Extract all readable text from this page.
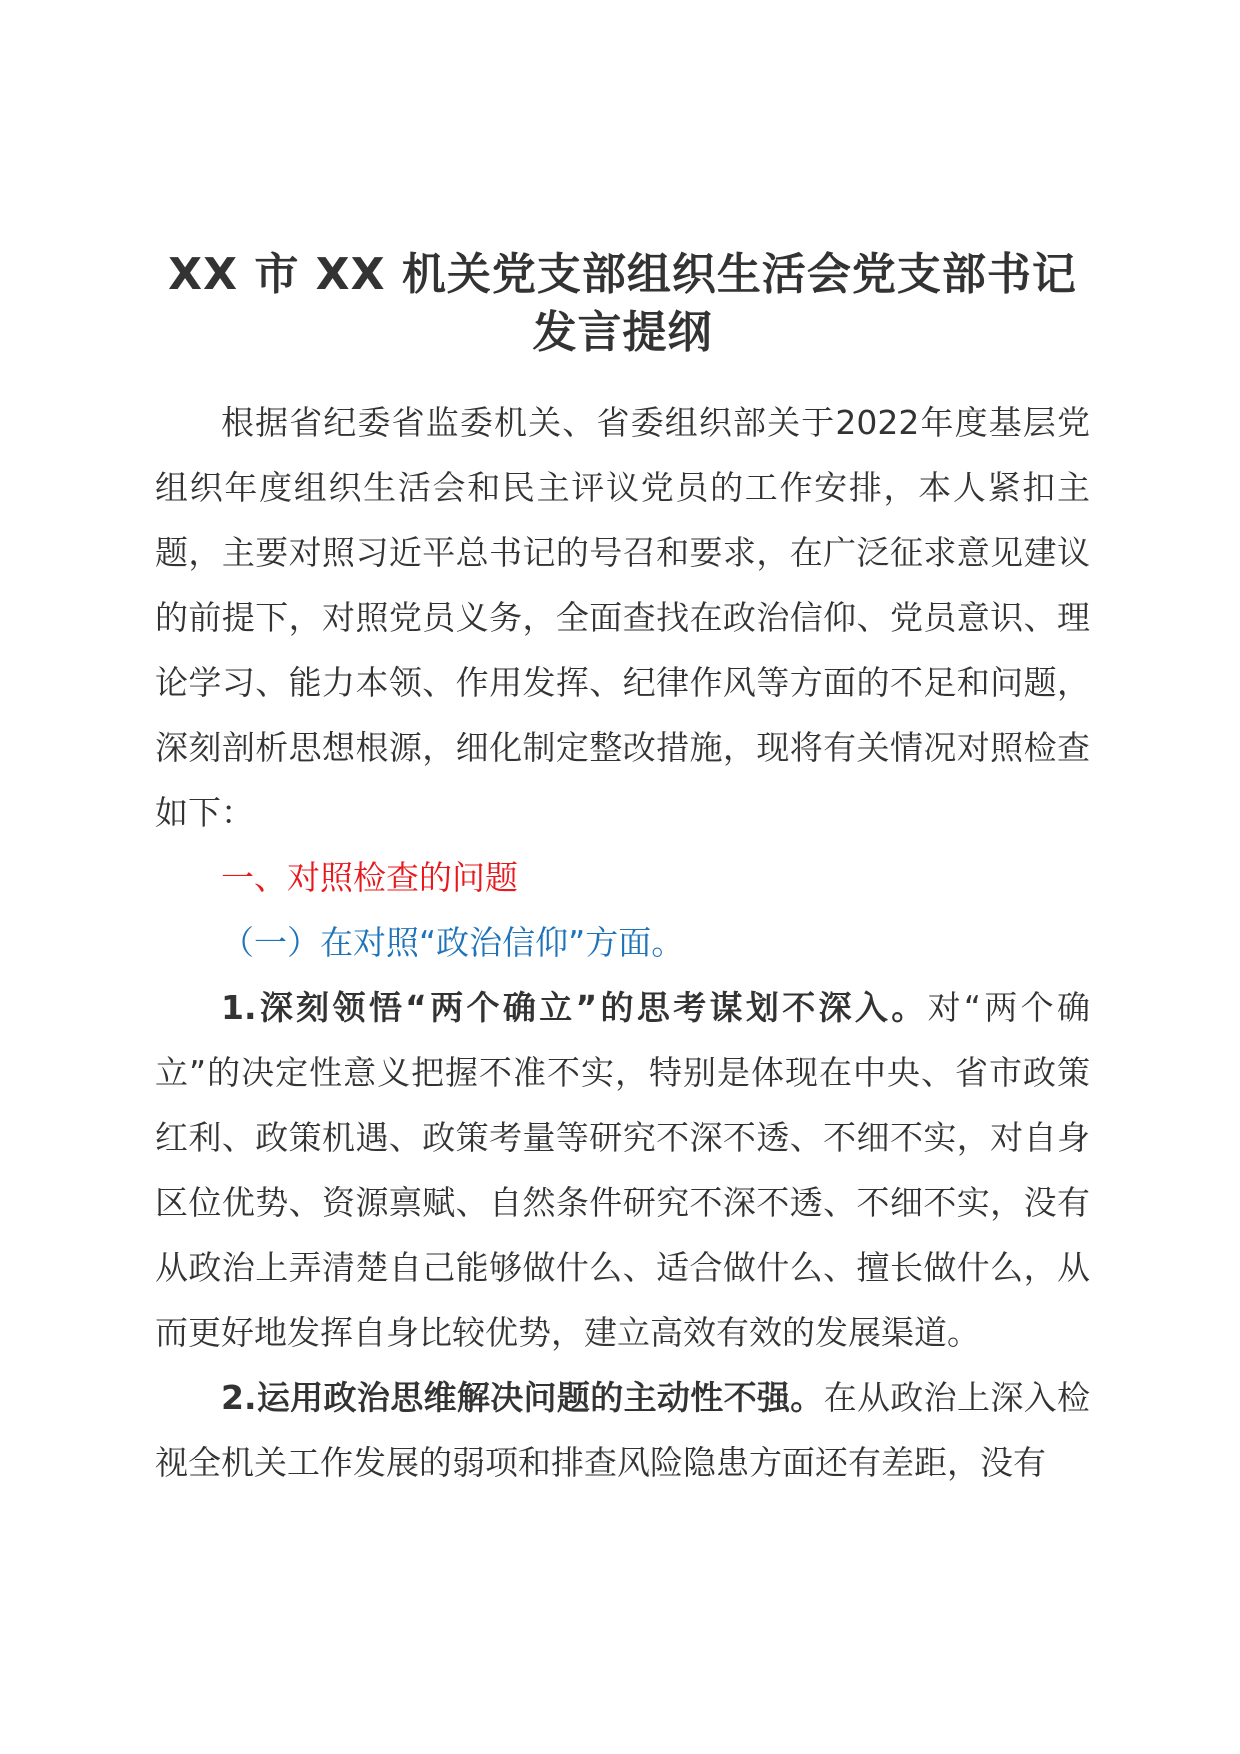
XX 市 XX 机关党支部组织生活会党支部书记
发言提纲

根据省纪委省监委机关、省委组织部关于2022年度基层党组织年度组织生活会和民主评议党员的工作安排，本人紧扣主题，主要对照习近平总书记的号召和要求，在广泛征求意见建议的前提下，对照党员义务，全面查找在政治信仰、党员意识、理论学习、能力本领、作用发挥、纪律作风等方面的不足和问题，深刻剖析思想根源，细化制定整改措施，现将有关情况对照检查如下：

一、对照检查的问题

（一）在对照“政治信仰”方面。

1.深刻领悟“两个确立”的思考谋划不深入。对“两个确立”的决定性意义把握不准不实，特别是体现在中央、省市政策红利、政策机遇、政策考量等研究不深不透、不细不实，对自身区位优势、资源禀赋、自然条件研究不深不透、不细不实，没有从政治上弄清楚自己能够做什么、适合做什么、擅长做什么，从而更好地发挥自身比较优势，建立高效有效的发展渠道。

2.运用政治思维解决问题的主动性不强。在从政治上深入检视全机关工作发展的弱项和排查风险隐患方面还有差距，没有
